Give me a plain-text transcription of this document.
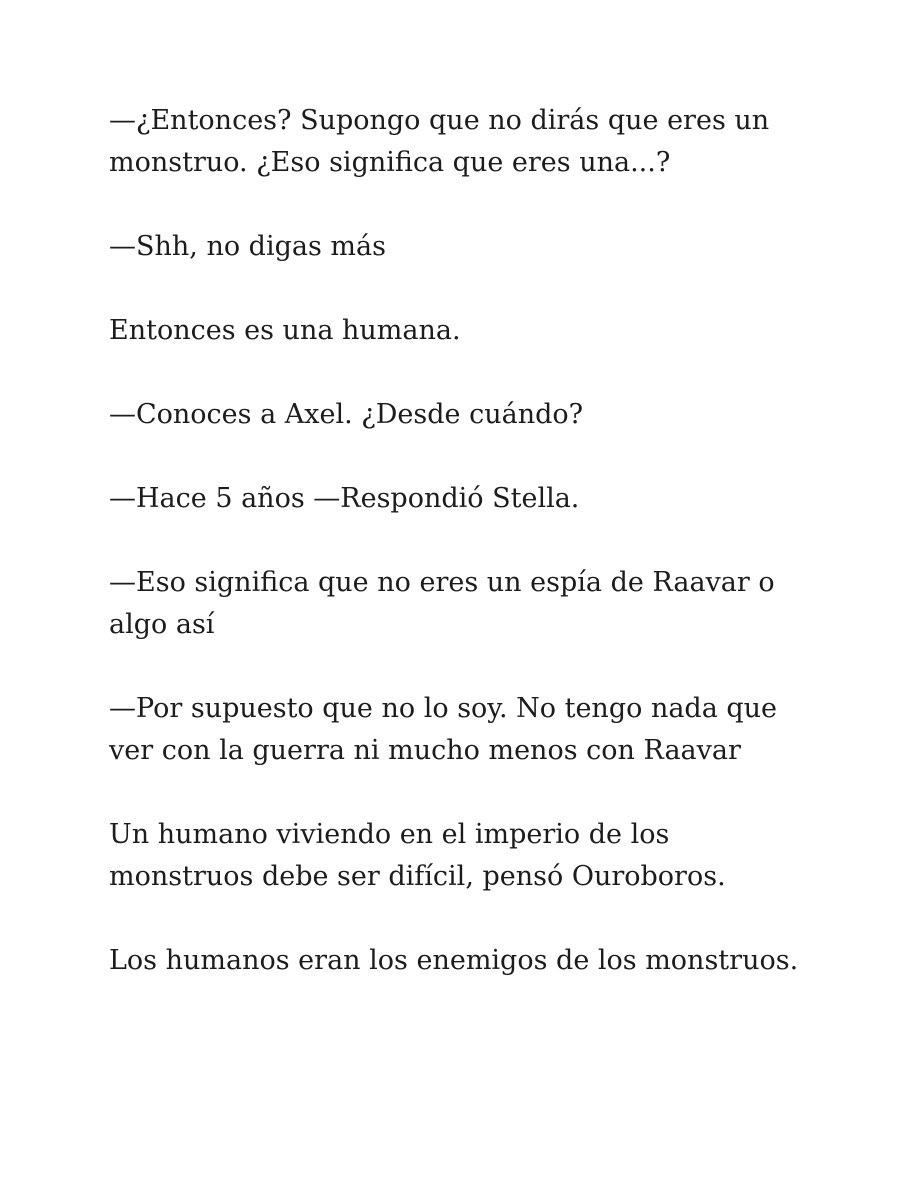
—¿Entonces? Supongo que no dirás que eres un monstruo. ¿Eso significa que eres una...?

—Shh, no digas más

Entonces es una humana.

—Conoces a Axel. ¿Desde cuándo?

—Hace 5 años —Respondió Stella.

—Eso significa que no eres un espía de Raavar o algo así

—Por supuesto que no lo soy. No tengo nada que ver con la guerra ni mucho menos con Raavar

Un humano viviendo en el imperio de los monstruos debe ser difícil, pensó Ouroboros.

Los humanos eran los enemigos de los monstruos.
